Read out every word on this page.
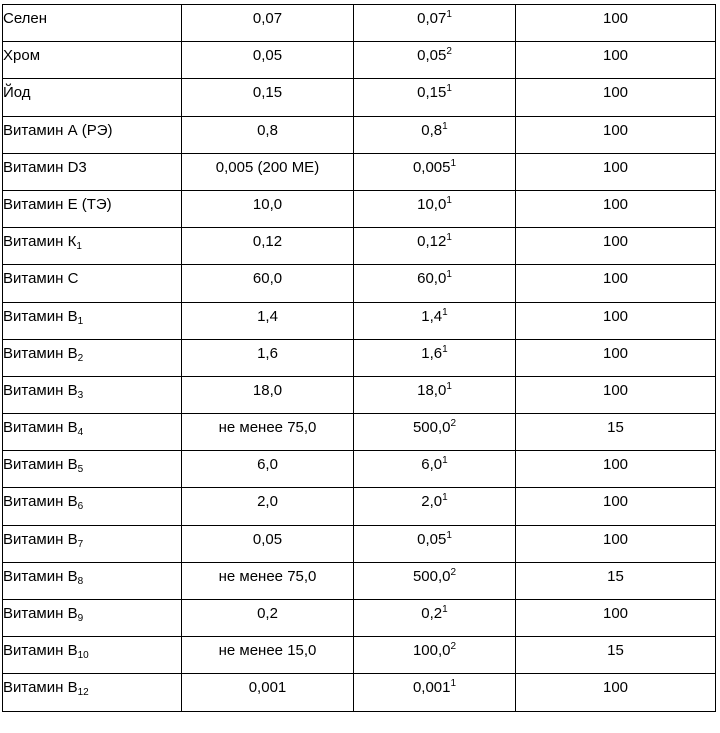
Селен	0,07	0,07$^1$	100
Хром	0,05	0,05$^2$	100
Йод	0,15	0,15$^1$	100
Витамин А (РЭ)	0,8	$0,8^1$	100
Витамин D3	0,005 (200 МЕ)	0,005$^1$	100
Витамин Е (ТЭ)	10,0	10,0$^1$	100
Витамин $К_1$	0,12	0,12$^1$	100
Витамин С	60,0	60,0$^1$	100
Витамин $В_1$	1,4	$1,4^1$	100
Витамин $В_2$	1,6	$1,6^1$	100
Витамин $В_3$	18,0	18,0$^1$	100
Витамин $В_4$	не менее 75,0	500,0$^2$	15
Витамин $В_5$	6,0	$6,0^1$	100
Витамин $В_6$	2,0	$2,0^1$	100
Витамин $В_7$	0,05	0,05$^1$	100
Витамин $В_8$	не менее 75,0	500,0$^2$	15
Витамин $В_9$	0,2	$0,2^1$	100
Витамин $В_{10}$	не менее 15,0	100,0$^2$	15
Витамин $В_{12}$	0,001	0,001$^1$	100
